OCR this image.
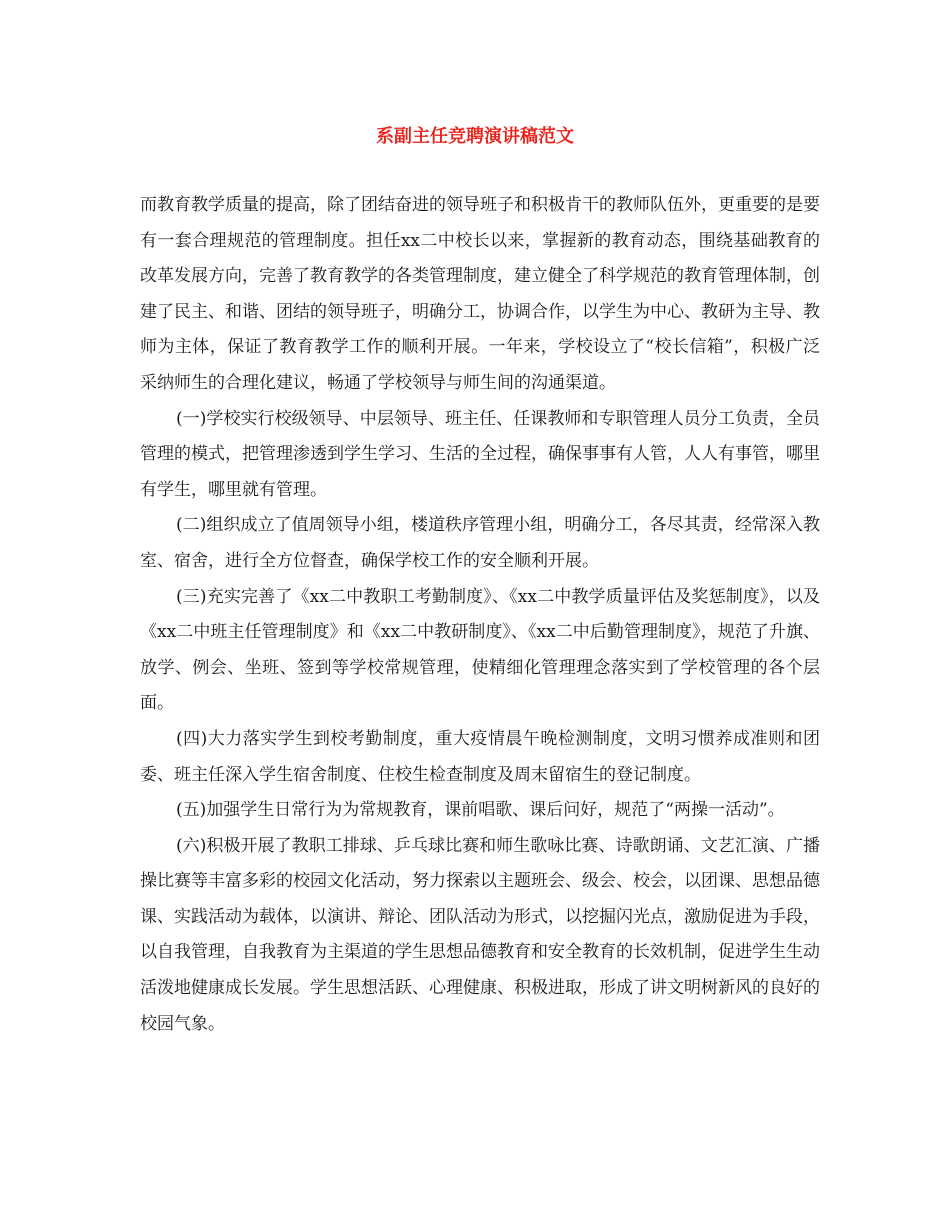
系副主任竞聘演讲稿范文

而教育教学质量的提高，除了团结奋进的领导班子和积极肯干的教师队伍外，更重要的是要有一套合理规范的管理制度。担任xx二中校长以来，掌握新的教育动态，围绕基础教育的改革发展方向，完善了教育教学的各类管理制度，建立健全了科学规范的教育管理体制，创建了民主、和谐、团结的领导班子，明确分工，协调合作，以学生为中心、教研为主导、教师为主体，保证了教育教学工作的顺利开展。一年来，学校设立了“校长信箱”，积极广泛采纳师生的合理化建议，畅通了学校领导与师生间的沟通渠道。

(一)学校实行校级领导、中层领导、班主任、任课教师和专职管理人员分工负责，全员管理的模式，把管理渗透到学生学习、生活的全过程，确保事事有人管，人人有事管，哪里有学生，哪里就有管理。

(二)组织成立了值周领导小组，楼道秩序管理小组，明确分工，各尽其责，经常深入教室、宿舍，进行全方位督查，确保学校工作的安全顺利开展。

(三)充实完善了《xx二中教职工考勤制度》、《xx二中教学质量评估及奖惩制度》，以及《xx二中班主任管理制度》和《xx二中教研制度》、《xx二中后勤管理制度》，规范了升旗、放学、例会、坐班、签到等学校常规管理，使精细化管理理念落实到了学校管理的各个层面。

(四)大力落实学生到校考勤制度，重大疫情晨午晚检测制度，文明习惯养成准则和团委、班主任深入学生宿舍制度、住校生检查制度及周末留宿生的登记制度。

(五)加强学生日常行为为常规教育，课前唱歌、课后问好，规范了“两操一活动”。

(六)积极开展了教职工排球、乒乓球比赛和师生歌咏比赛、诗歌朗诵、文艺汇演、广播操比赛等丰富多彩的校园文化活动，努力探索以主题班会、级会、校会，以团课、思想品德课、实践活动为载体，以演讲、辩论、团队活动为形式，以挖掘闪光点，激励促进为手段，以自我管理，自我教育为主渠道的学生思想品德教育和安全教育的长效机制，促进学生生动活泼地健康成长发展。学生思想活跃、心理健康、积极进取，形成了讲文明树新风的良好的校园气象。
